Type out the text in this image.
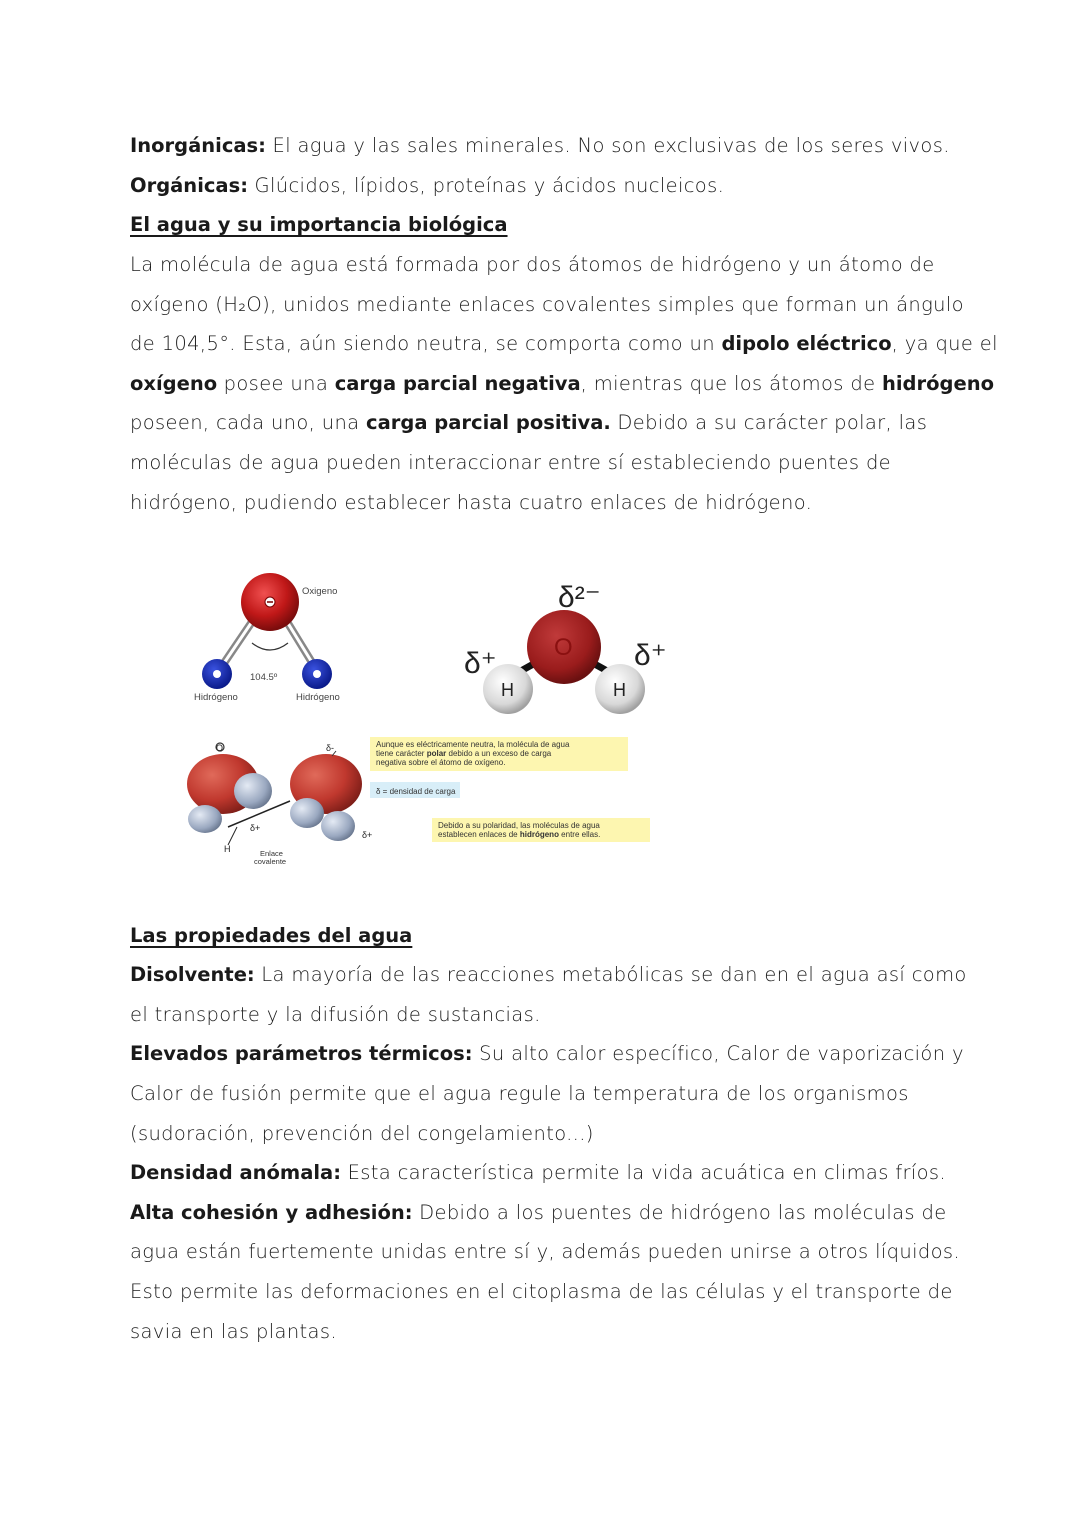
Inorgánicas: El agua y las sales minerales. No son exclusivas de los seres vivos.
Orgánicas: Glúcidos, lípidos, proteínas y ácidos nucleicos.
El agua y su importancia biológica
La molécula de agua está formada por dos átomos de hidrógeno y un átomo de
oxígeno (H₂O), unidos mediante enlaces covalentes simples que forman un ángulo
de 104,5°. Esta, aún siendo neutra, se comporta como un dipolo eléctrico, ya que el
oxígeno posee una carga parcial negativa, mientras que los átomos de hidrógeno
poseen, cada uno, una carga parcial positiva. Debido a su carácter polar, las
moléculas de agua pueden interaccionar entre sí estableciendo puentes de
hidrógeno, pudiendo establecer hasta cuatro enlaces de hidrógeno.
Oxigeno
104.5º
Hidrógeno	Hidrógeno
O
H	H
δ²⁻
δ⁺	δ⁺
O	δ-
δ+
δ+
H	Enlace
covalente
Aunque es eléctricamente neutra, la molécula de agua
tiene carácter polar debido a un exceso de carga
negativa sobre el átomo de oxígeno.
δ = densidad de carga
Debido a su polaridad, las moléculas de agua
establecen enlaces de hidrógeno entre ellas.
Las propiedades del agua
Disolvente: La mayoría de las reacciones metabólicas se dan en el agua así como
el transporte y la difusión de sustancias.
Elevados parámetros térmicos: Su alto calor específico, Calor de vaporización y
Calor de fusión permite que el agua regule la temperatura de los organismos
(sudoración, prevención del congelamiento...)
Densidad anómala: Esta característica permite la vida acuática en climas fríos.
Alta cohesión y adhesión: Debido a los puentes de hidrógeno las moléculas de
agua están fuertemente unidas entre sí y, además pueden unirse a otros líquidos.
Esto permite las deformaciones en el citoplasma de las células y el transporte de
savia en las plantas.
